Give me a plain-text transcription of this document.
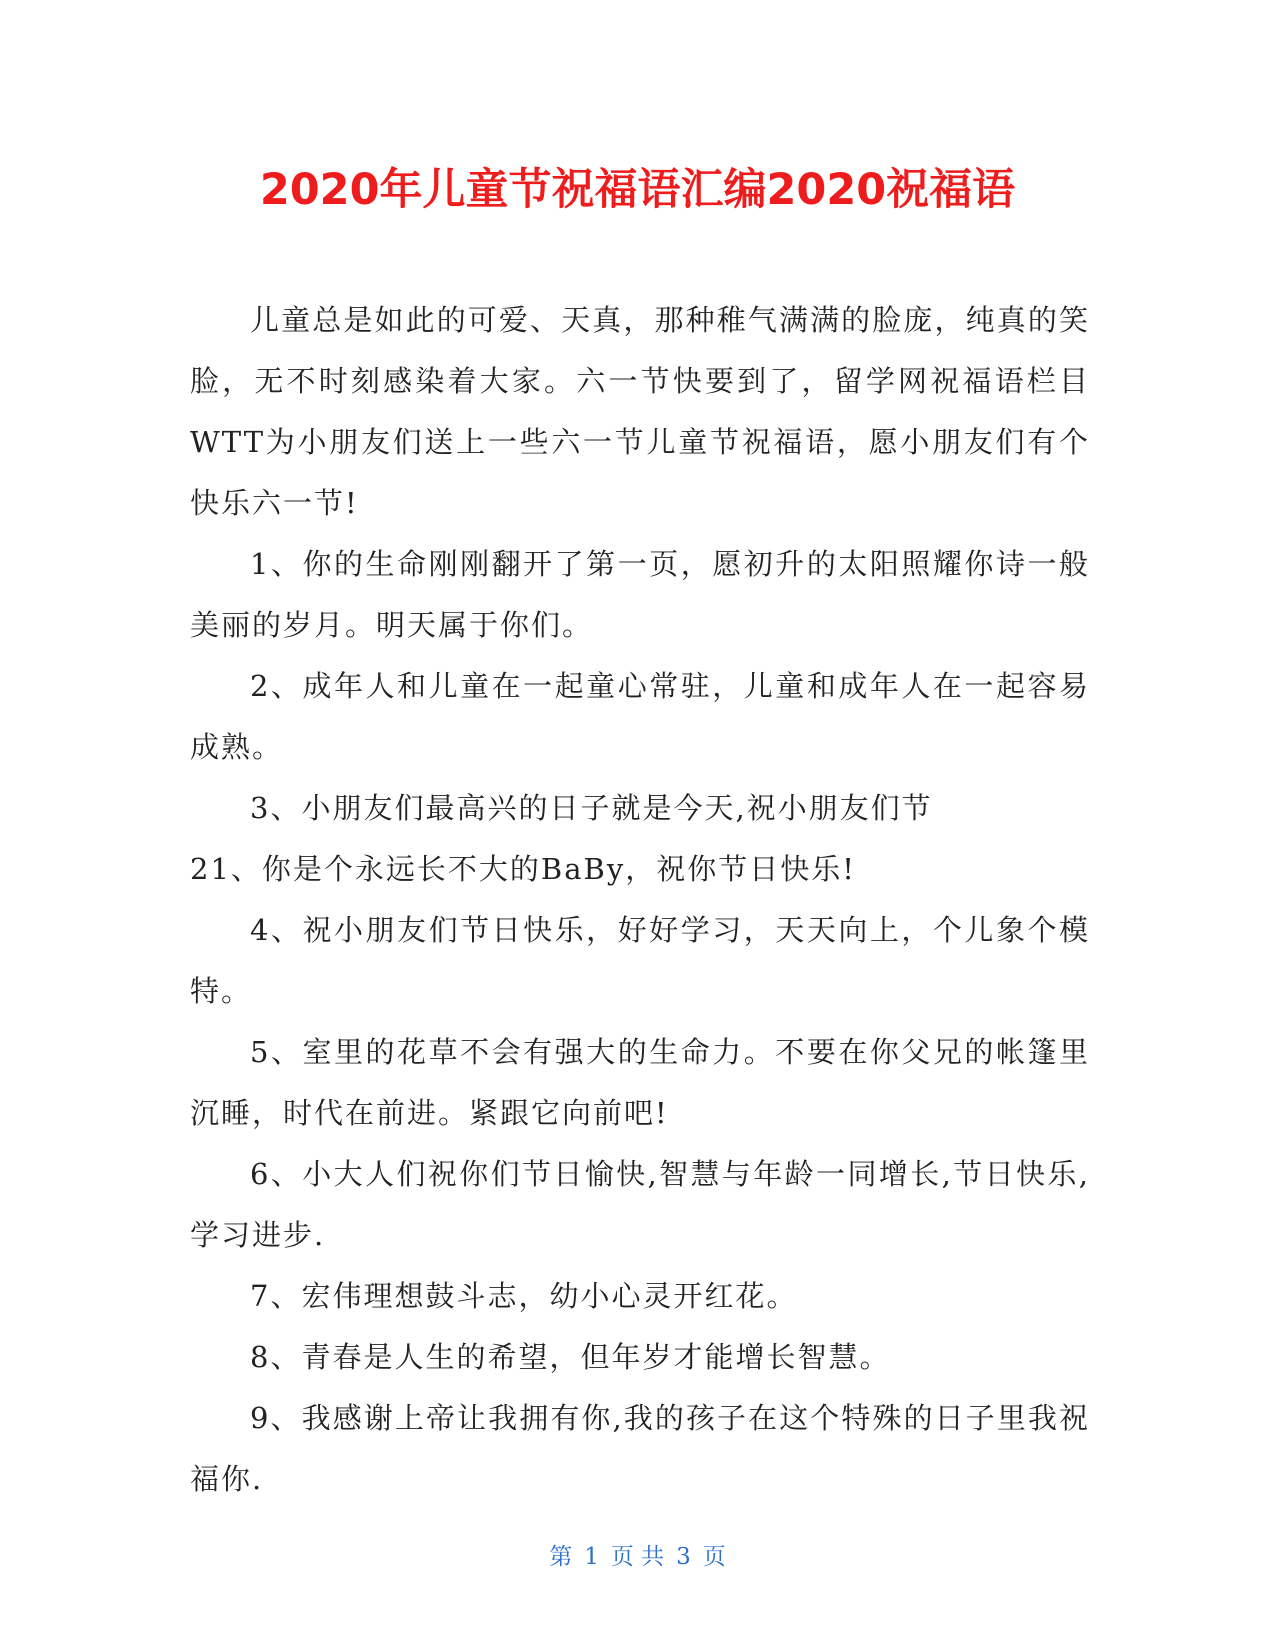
2020年儿童节祝福语汇编2020祝福语

儿童总是如此的可爱、天真，那种稚气满满的脸庞，纯真的笑脸，无不时刻感染着大家。六一节快要到了，留学网祝福语栏目WTT为小朋友们送上一些六一节儿童节祝福语，愿小朋友们有个快乐六一节!

1、你的生命刚刚翻开了第一页，愿初升的太阳照耀你诗一般美丽的岁月。明天属于你们。

2、成年人和儿童在一起童心常驻，儿童和成年人在一起容易成熟。

3、小朋友们最高兴的日子就是今天,祝小朋友们节

21、你是个永远长不大的BaBy，祝你节日快乐!

4、祝小朋友们节日快乐，好好学习，天天向上，个儿象个模特。

5、室里的花草不会有强大的生命力。不要在你父兄的帐篷里沉睡，时代在前进。紧跟它向前吧!

6、小大人们祝你们节日愉快,智慧与年龄一同增长,节日快乐,学习进步.

7、宏伟理想鼓斗志，幼小心灵开红花。

8、青春是人生的希望，但年岁才能增长智慧。

9、我感谢上帝让我拥有你,我的孩子在这个特殊的日子里我祝福你.

第 1 页 共 3 页
